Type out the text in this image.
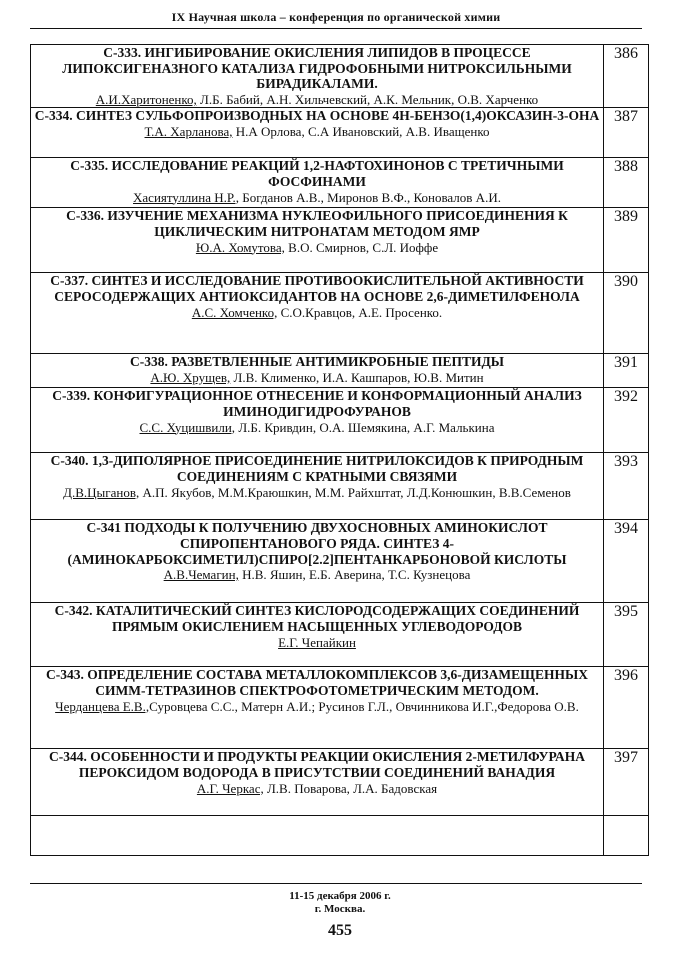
IX Научная школа – конференция по органической химии
С-333. ИНГИБИРОВАНИЕ ОКИСЛЕНИЯ ЛИПИДОВ В ПРОЦЕССЕ ЛИПОКСИГЕНАЗНОГО КАТАЛИЗА ГИДРОФОБНЫМИ НИТРОКСИЛЬНЫМИ БИРАДИКАЛАМИ.
А.И.Харитоненко, Л.Б. Бабий, А.Н. Хильчевский, А.К. Мельник, О.В. Харченко	386

С-334. СИНТЕЗ СУЛЬФОПРОИЗВОДНЫХ НА ОСНОВЕ 4Н-БЕНЗО(1,4)ОКСАЗИН-3-ОНА
Т.А. Харланова, Н.А Орлова, С.А Ивановский, А.В. Иващенко	387

С-335. ИССЛЕДОВАНИЕ РЕАКЦИЙ 1,2-НАФТОХИНОНОВ С ТРЕТИЧНЫМИ ФОСФИНАМИ
Хасиятуллина Н.Р., Богданов А.В., Миронов В.Ф., Коновалов А.И.	388

С-336. ИЗУЧЕНИЕ МЕХАНИЗМА НУКЛЕОФИЛЬНОГО ПРИСОЕДИНЕНИЯ К ЦИКЛИЧЕСКИМ НИТРОНАТАМ МЕТОДОМ ЯМР
Ю.А. Хомутова, В.О. Смирнов, С.Л. Иоффе	389

С-337. СИНТЕЗ И ИССЛЕДОВАНИЕ ПРОТИВООКИСЛИТЕЛЬНОЙ АКТИВНОСТИ СЕРОСОДЕРЖАЩИХ АНТИОКСИДАНТОВ НА ОСНОВЕ 2,6-ДИМЕТИЛФЕНОЛА
А.С. Хомченко, С.О.Кравцов, А.Е. Просенко.	390

С-338. РАЗВЕТВЛЕННЫЕ АНТИМИКРОБНЫЕ ПЕПТИДЫ
А.Ю. Хрущев, Л.В. Клименко, И.А. Кашпаров, Ю.В. Митин	391

С-339. КОНФИГУРАЦИОННОЕ ОТНЕСЕНИЕ И КОНФОРМАЦИОННЫЙ АНАЛИЗ ИМИНОДИГИДРОФУРАНОВ
С.С. Хуцишвили, Л.Б. Кривдин, О.А. Шемякина, А.Г. Малькина	392

С-340. 1,3-ДИПОЛЯРНОЕ ПРИСОЕДИНЕНИЕ НИТРИЛОКСИДОВ К ПРИРОДНЫМ СОЕДИНЕНИЯМ С КРАТНЫМИ СВЯЗЯМИ
Д.В.Цыганов, А.П. Якубов, М.М.Краюшкин, М.М. Райхштат, Л.Д.Конюшкин, В.В.Семенов	393

С-341 ПОДХОДЫ К ПОЛУЧЕНИЮ ДВУХОСНОВНЫХ АМИНОКИСЛОТ СПИРОПЕНТАНОВОГО РЯДА. СИНТЕЗ 4-(АМИНОКАРБОКСИМЕТИЛ)СПИРО[2.2]ПЕНТАНКАРБОНОВОЙ КИСЛОТЫ
А.В.Чемагин, Н.В. Яшин, Е.Б. Аверина, Т.С. Кузнецова	394

С-342. КАТАЛИТИЧЕСКИЙ СИНТЕЗ КИСЛОРОДСОДЕРЖАЩИХ СОЕДИНЕНИЙ ПРЯМЫМ ОКИСЛЕНИЕМ НАСЫЩЕННЫХ УГЛЕВОДОРОДОВ
Е.Г. Чепайкин	395

С-343. ОПРЕДЕЛЕНИЕ СОСТАВА МЕТАЛЛОКОМПЛЕКСОВ 3,6-ДИЗАМЕЩЕННЫХ СИММ-ТЕТРАЗИНОВ СПЕКТРОФОТОМЕТРИЧЕСКИМ МЕТОДОМ.
Черданцева Е.В.,Суровцева С.С., Матерн А.И.; Русинов Г.Л., Овчинникова И.Г.,Федорова О.В.	396

С-344. ОСОБЕННОСТИ И ПРОДУКТЫ РЕАКЦИИ ОКИСЛЕНИЯ 2-МЕТИЛФУРАНА ПЕРОКСИДОМ ВОДОРОДА В ПРИСУТСТВИИ СОЕДИНЕНИЙ ВАНАДИЯ
А.Г. Черкас, Л.В. Поварова, Л.А. Бадовская	397

11-15 декабря 2006 г.
г. Москва.
455
